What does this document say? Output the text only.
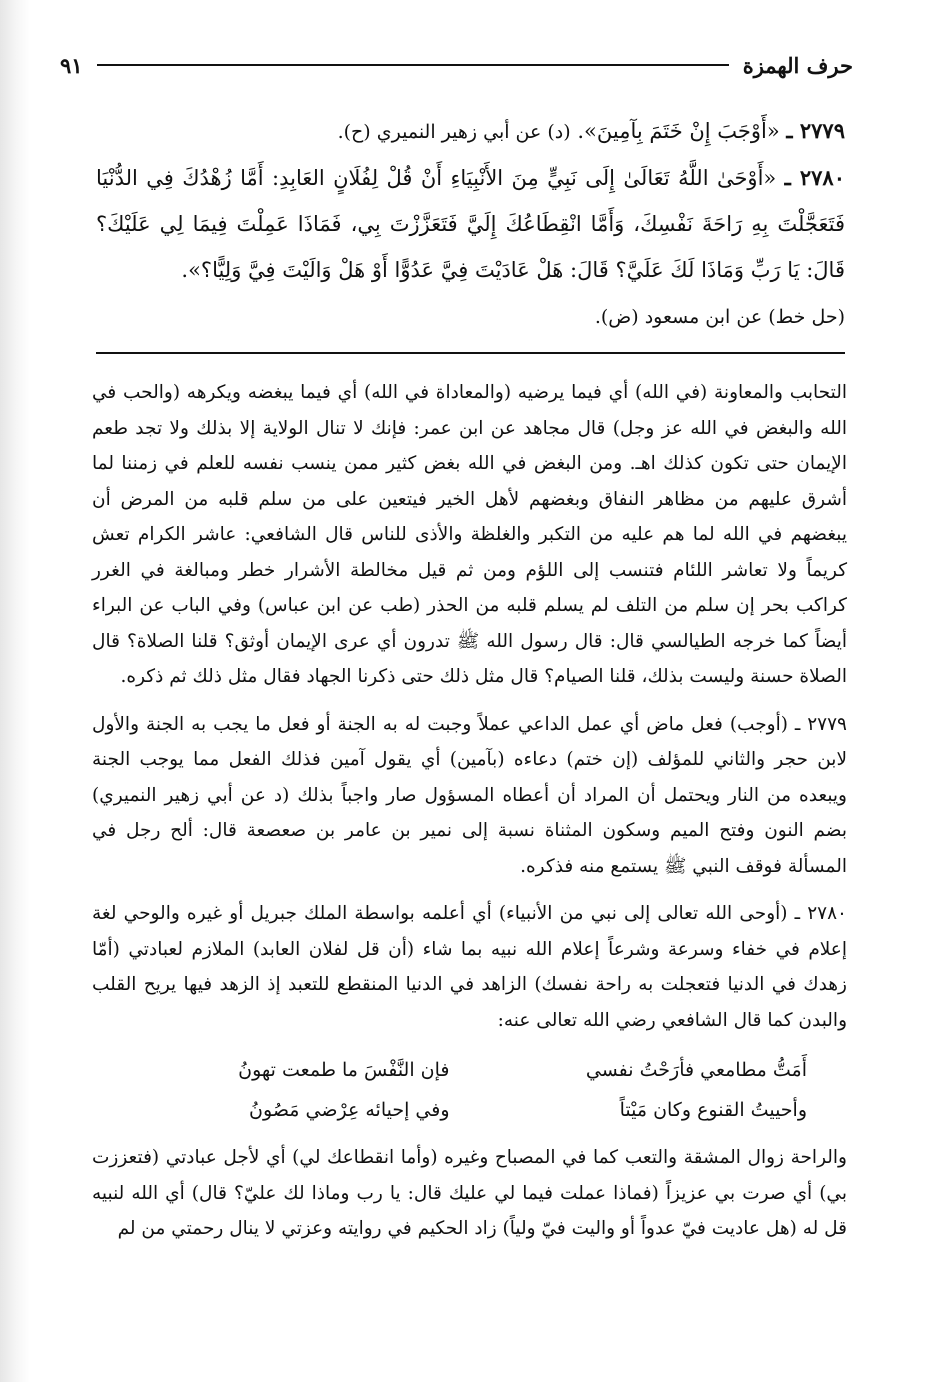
حرف الهمزة
٩١

٢٧٧٩ ـ «أَوْجَبَ إِنْ خَتَمَ بِآمِينَ». (د) عن أبي زهير النميري (ح).

٢٧٨٠ ـ «أَوْحَىٰ اللَّهُ تَعَالَىٰ إِلَى نَبِيٍّ مِنَ الأَنْبِيَاءِ أَنْ قُلْ لِفُلَانٍ العَابِدِ: أَمَّا زُهْدُكَ فِي الدُّنْيَا فَتَعَجَّلْتَ بِهِ رَاحَةَ نَفْسِكَ، وَأَمَّا انْقِطَاعُكَ إِلَيَّ فَتَعَزَّزْتَ بِي، فَمَاذَا عَمِلْتَ فِيمَا لِي عَلَيْكَ؟ قَالَ: يَا رَبِّ وَمَاذَا لَكَ عَلَيَّ؟ قَالَ: هَلْ عَادَيْتَ فِيَّ عَدُوًّا أَوْ هَلْ وَالَيْتَ فِيَّ وَلِيًّا؟».

(حل خط) عن ابن مسعود (ض).

التحابب والمعاونة (في الله) أي فيما يرضيه (والمعاداة في الله) أي فيما يبغضه ويكرهه (والحب في الله والبغض في الله عز وجل) قال مجاهد عن ابن عمر: فإنك لا تنال الولاية إلا بذلك ولا تجد طعم الإيمان حتى تكون كذلك اهـ. ومن البغض في الله بغض كثير ممن ينسب نفسه للعلم في زمننا لما أشرق عليهم من مظاهر النفاق وبغضهم لأهل الخير فيتعين على من سلم قلبه من المرض أن يبغضهم في الله لما هم عليه من التكبر والغلظة والأذى للناس قال الشافعي: عاشر الكرام تعش كريماً ولا تعاشر اللئام فتنسب إلى اللؤم ومن ثم قيل مخالطة الأشرار خطر ومبالغة في الغرر كراكب بحر إن سلم من التلف لم يسلم قلبه من الحذر (طب عن ابن عباس) وفي الباب عن البراء أيضاً كما خرجه الطيالسي قال: قال رسول الله ﷺ تدرون أي عرى الإيمان أوثق؟ قلنا الصلاة؟ قال الصلاة حسنة وليست بذلك، قلنا الصيام؟ قال مثل ذلك حتى ذكرنا الجهاد فقال مثل ذلك ثم ذكره.

٢٧٧٩ ـ (أوجب) فعل ماض أي عمل الداعي عملاً وجبت له به الجنة أو فعل ما يجب به الجنة والأول لابن حجر والثاني للمؤلف (إن ختم) دعاءه (بآمين) أي يقول آمين فذلك الفعل مما يوجب الجنة ويبعده من النار ويحتمل أن المراد أن أعطاه المسؤول صار واجباً بذلك (د عن أبي زهير النميري) بضم النون وفتح الميم وسكون المثناة نسبة إلى نمير بن عامر بن صعصعة قال: ألح رجل في المسألة فوقف النبي ﷺ يستمع منه فذكره.

٢٧٨٠ ـ (أوحى الله تعالى إلى نبي من الأنبياء) أي أعلمه بواسطة الملك جبريل أو غيره والوحي لغة إعلام في خفاء وسرعة وشرعاً إعلام الله نبيه بما شاء (أن قل لفلان العابد) الملازم لعبادتي (أمّا زهدك في الدنيا فتعجلت به راحة نفسك) الزاهد في الدنيا المنقطع للتعبد إذ الزهد فيها يريح القلب والبدن كما قال الشافعي رضي الله تعالى عنه:

أَمَتُّ مطامعي فأرَحْتُ نفسي
فإن النَّفْسَ ما طمعت تهونُ
وأحييتُ القنوع وكان مَيْتاً
وفي إحيائه عِرْضي مَصُونُ

والراحة زوال المشقة والتعب كما في المصباح وغيره (وأما انقطاعك لي) أي لأجل عبادتي (فتعززت بي) أي صرت بي عزيزاً (فماذا عملت فيما لي عليك قال: يا رب وماذا لك عليّ؟ قال) أي الله لنبيه قل له (هل عاديت فيّ عدواً أو واليت فيّ ولياً) زاد الحكيم في روايته وعزتي لا ينال رحمتي من لم
